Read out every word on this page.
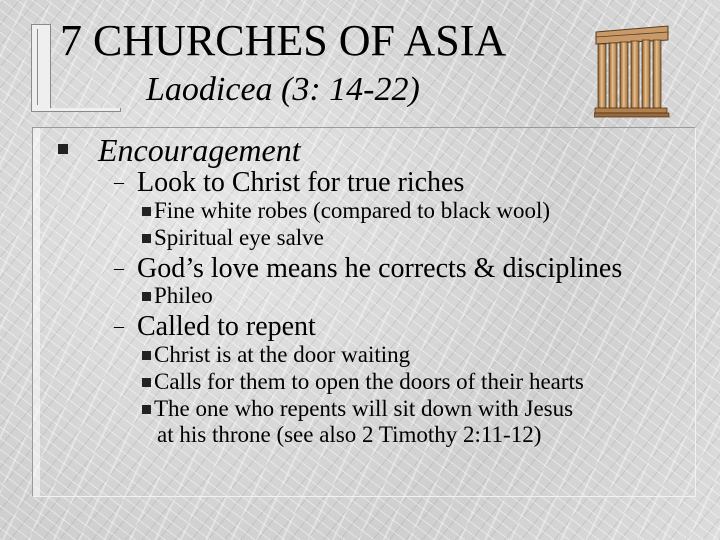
7 CHURCHES OF ASIA
Laodicea (3: 14-22)
Encouragement
– Look to Christ for true riches
Fine white robes (compared to black wool)
Spiritual eye salve
– God’s love means he corrects & disciplines
Phileo
– Called to repent
Christ is at the door waiting
Calls for them to open the doors of their hearts
The one who repents will sit down with Jesus
at his throne (see also 2 Timothy 2:11-12)
